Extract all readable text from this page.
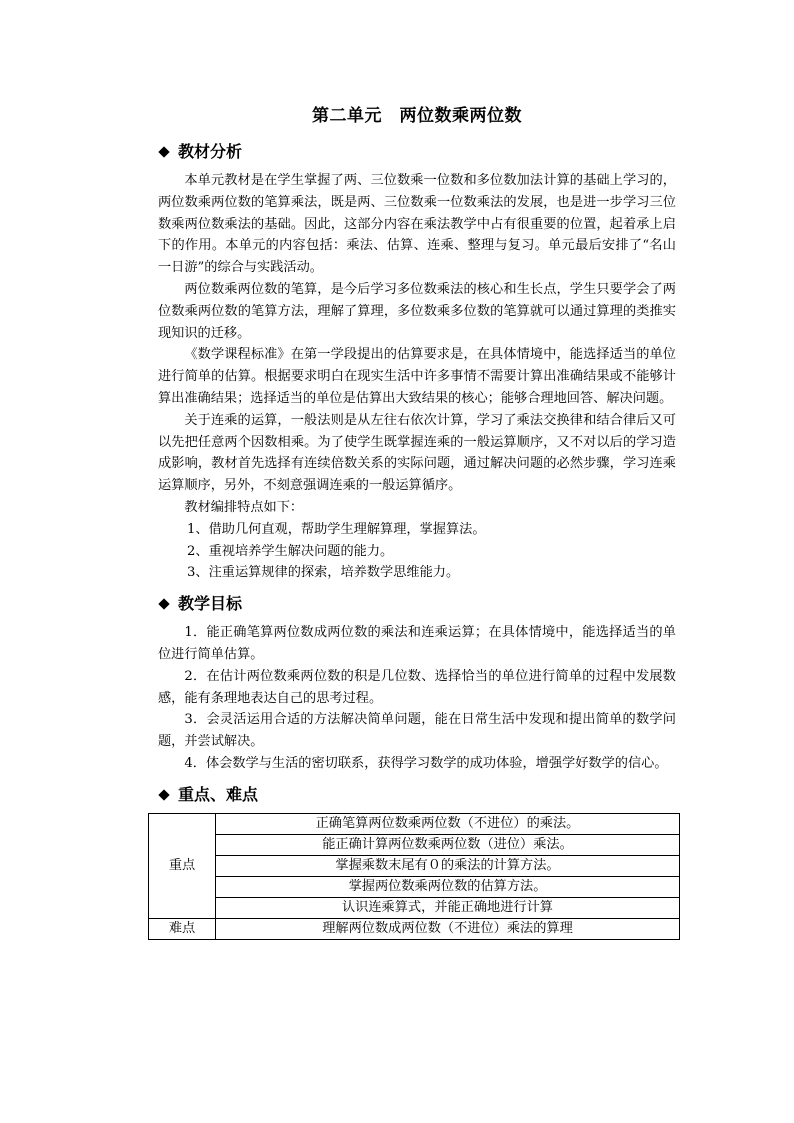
第二单元　两位数乘两位数
教材分析

本单元教材是在学生掌握了两、三位数乘一位数和多位数加法计算的基础上学习的，两位数乘两位数的笔算乘法，既是两、三位数乘一位数乘法的发展，也是进一步学习三位数乘两位数乘法的基础。因此，这部分内容在乘法教学中占有很重要的位置，起着承上启下的作用。本单元的内容包括：乘法、估算、连乘、整理与复习。单元最后安排了“名山一日游”的综合与实践活动。

两位数乘两位数的笔算，是今后学习多位数乘法的核心和生长点，学生只要学会了两位数乘两位数的笔算方法，理解了算理，多位数乘多位数的笔算就可以通过算理的类推实现知识的迁移。

《数学课程标准》在第一学段提出的估算要求是，在具体情境中，能选择适当的单位进行简单的估算。根据要求明白在现实生活中许多事情不需要计算出准确结果或不能够计算出准确结果；选择适当的单位是估算出大致结果的核心；能够合理地回答、解决问题。

关于连乘的运算，一般法则是从左往右依次计算，学习了乘法交换律和结合律后又可以先把任意两个因数相乘。为了使学生既掌握连乘的一般运算顺序，又不对以后的学习造成影响，教材首先选择有连续倍数关系的实际问题，通过解决问题的必然步骤，学习连乘运算顺序，另外，不刻意强调连乘的一般运算循序。

教材编排特点如下：

1、借助几何直观，帮助学生理解算理，掌握算法。

2、重视培养学生解决问题的能力。

3、注重运算规律的探索，培养数学思维能力。

教学目标

1．能正确笔算两位数成两位数的乘法和连乘运算；在具体情境中，能选择适当的单位进行简单估算。

2．在估计两位数乘两位数的积是几位数、选择恰当的单位进行简单的过程中发展数感，能有条理地表达自己的思考过程。

3．会灵活运用合适的方法解决简单问题，能在日常生活中发现和提出简单的数学问题，并尝试解决。

4．体会数学与生活的密切联系，获得学习数学的成功体验，增强学好数学的信心。

重点、难点
重点	正确笔算两位数乘两位数（不进位）的乘法。
	能正确计算两位数乘两位数（进位）乘法。
	掌握乘数末尾有０的乘法的计算方法。
	掌握两位数乘两位数的估算方法。
	认识连乘算式，并能正确地进行计算
难点	理解两位数成两位数（不进位）乘法的算理
